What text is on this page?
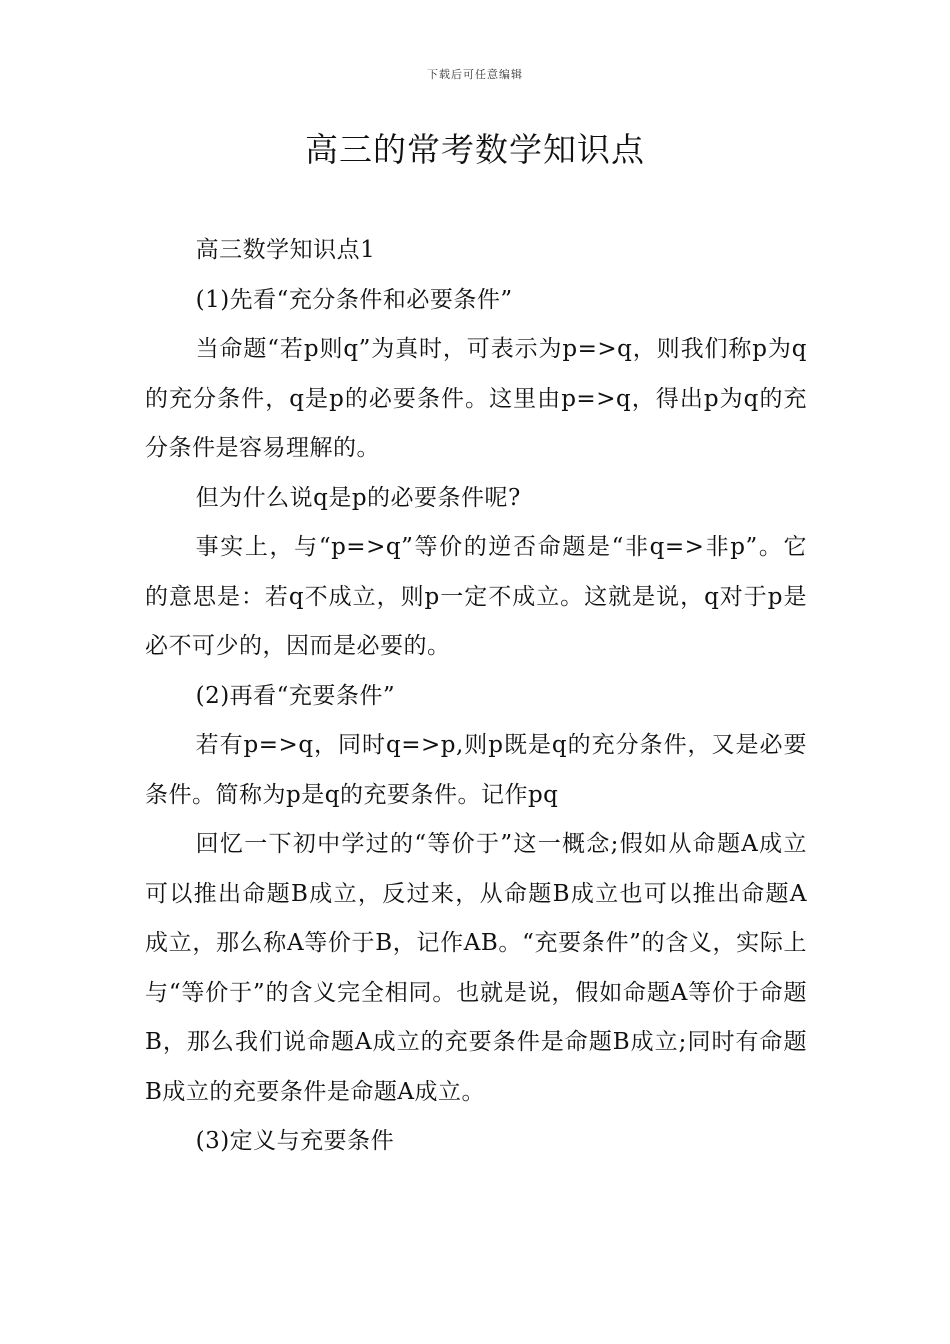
下载后可任意编辑
高三的常考数学知识点

高三数学知识点1

(1)先看“充分条件和必要条件”

当命题“若p则q”为真时，可表示为p=>q，则我们称p为q的充分条件，q是p的必要条件。这里由p=>q，得出p为q的充分条件是容易理解的。

但为什么说q是p的必要条件呢?

事实上，与“p=>q”等价的逆否命题是“非q=>非p”。它的意思是：若q不成立，则p一定不成立。这就是说，q对于p是必不可少的，因而是必要的。

(2)再看“充要条件”

若有p=>q，同时q=>p,则p既是q的充分条件，又是必要条件。简称为p是q的充要条件。记作pq

回忆一下初中学过的“等价于”这一概念;假如从命题A成立可以推出命题B成立，反过来，从命题B成立也可以推出命题A成立，那么称A等价于B，记作AB。“充要条件”的含义，实际上与“等价于”的含义完全相同。也就是说，假如命题A等价于命题B，那么我们说命题A成立的充要条件是命题B成立;同时有命题B成立的充要条件是命题A成立。

(3)定义与充要条件
